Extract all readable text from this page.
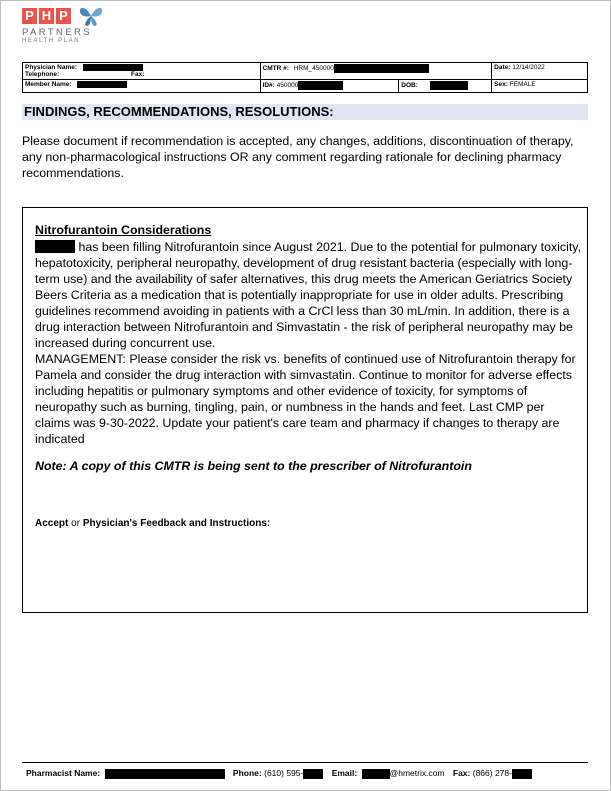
P H P
PARTNERS
HEALTH PLAN
Physician Name:
Telephone: Fax:	CMTR #: HRM_450000		Date: 12/14/2022
Member Name:	ID#: 450000	DOB:	Sex: FEMALE
FINDINGS, RECOMMENDATIONS, RESOLUTIONS:

Please document if recommendation is accepted, any changes, additions, discontinuation of therapy, any non-pharmacological instructions OR any comment regarding rationale for declining pharmacy recommendations.

Nitrofurantoin Considerations
has been filling Nitrofurantoin since August 2021. Due to the potential for pulmonary toxicity, hepatotoxicity, peripheral neuropathy, development of drug resistant bacteria (especially with long-term use) and the availability of safer alternatives, this drug meets the American Geriatrics Society Beers Criteria as a medication that is potentially inappropriate for use in older adults. Prescribing guidelines recommend avoiding in patients with a CrCl less than 30 mL/min. In addition, there is a drug interaction between Nitrofurantoin and Simvastatin - the risk of peripheral neuropathy may be increased during concurrent use.
MANAGEMENT: Please consider the risk vs. benefits of continued use of Nitrofurantoin therapy for Pamela and consider the drug interaction with simvastatin. Continue to monitor for adverse effects including hepatitis or pulmonary symptoms and other evidence of toxicity, for symptoms of neuropathy such as burning, tingling, pain, or numbness in the hands and feet. Last CMP per claims was 9-30-2022. Update your patient's care team and pharmacy if changes to therapy are indicated
Note: A copy of this CMTR is being sent to the prescriber of Nitrofurantoin
Accept or Physician's Feedback and Instructions:
Pharmacist Name:	Phone: (610) 595-	Email:	@hmetrix.com Fax: (866) 278-
